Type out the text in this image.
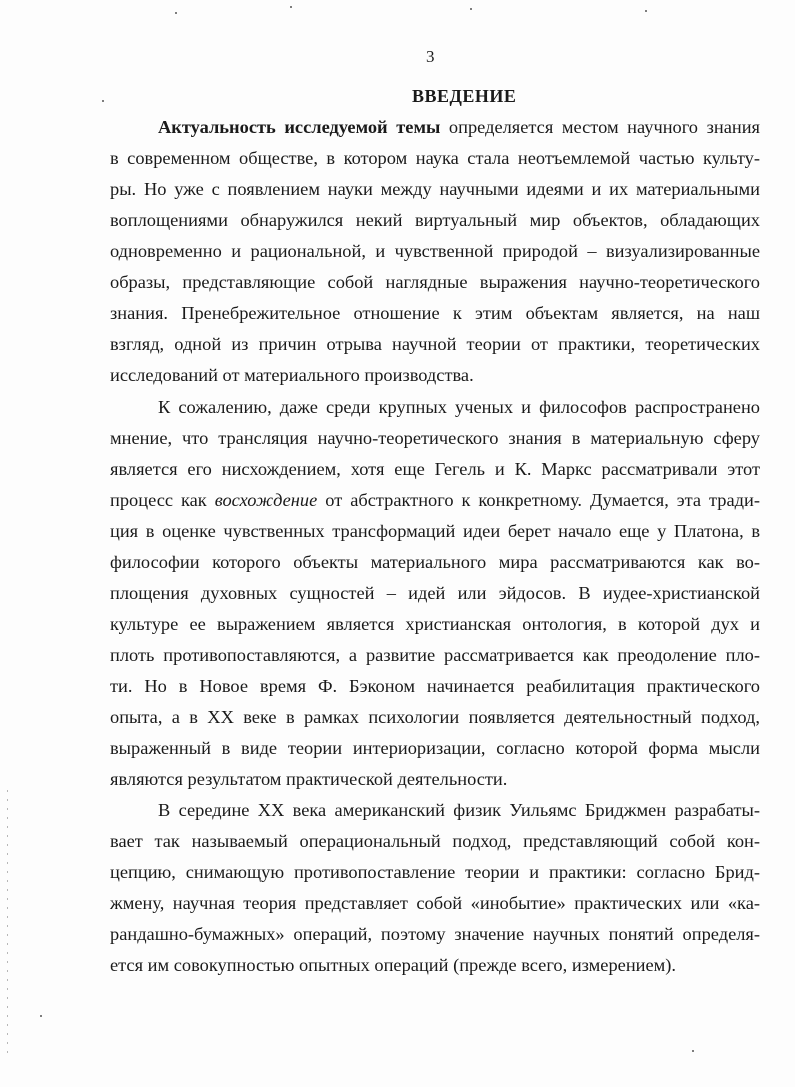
3
ВВЕДЕНИЕ
Актуальность исследуемой темы определяется местом научного знания
в современном обществе, в котором наука стала неотъемлемой частью культу-
ры. Но уже с появлением науки между научными идеями и их материальными
воплощениями обнаружился некий виртуальный мир объектов, обладающих
одновременно и рациональной, и чувственной природой – визуализированные
образы, представляющие собой наглядные выражения научно-теоретического
знания. Пренебрежительное отношение к этим объектам является, на наш
взгляд, одной из причин отрыва научной теории от практики, теоретических
исследований от материального производства.
К сожалению, даже среди крупных ученых и философов распространено
мнение, что трансляция научно-теоретического знания в материальную сферу
является его нисхождением, хотя еще Гегель и К. Маркс рассматривали этот
процесс как восхождение от абстрактного к конкретному. Думается, эта тради-
ция в оценке чувственных трансформаций идеи берет начало еще у Платона, в
философии которого объекты материального мира рассматриваются как во-
площения духовных сущностей – идей или эйдосов. В иудее-христианской
культуре ее выражением является христианская онтология, в которой дух и
плоть противопоставляются, а развитие рассматривается как преодоление пло-
ти. Но в Новое время Ф. Бэконом начинается реабилитация практического
опыта, а в XX веке в рамках психологии появляется деятельностный подход,
выраженный в виде теории интериоризации, согласно которой форма мысли
являются результатом практической деятельности.
В середине XX века американский физик Уильямс Бриджмен разрабаты-
вает так называемый операциональный подход, представляющий собой кон-
цепцию, снимающую противопоставление теории и практики: согласно Брид-
жмену, научная теория представляет собой «инобытие» практических или «ка-
рандашно-бумажных» операций, поэтому значение научных понятий определя-
ется им совокупностью опытных операций (прежде всего, измерением).
